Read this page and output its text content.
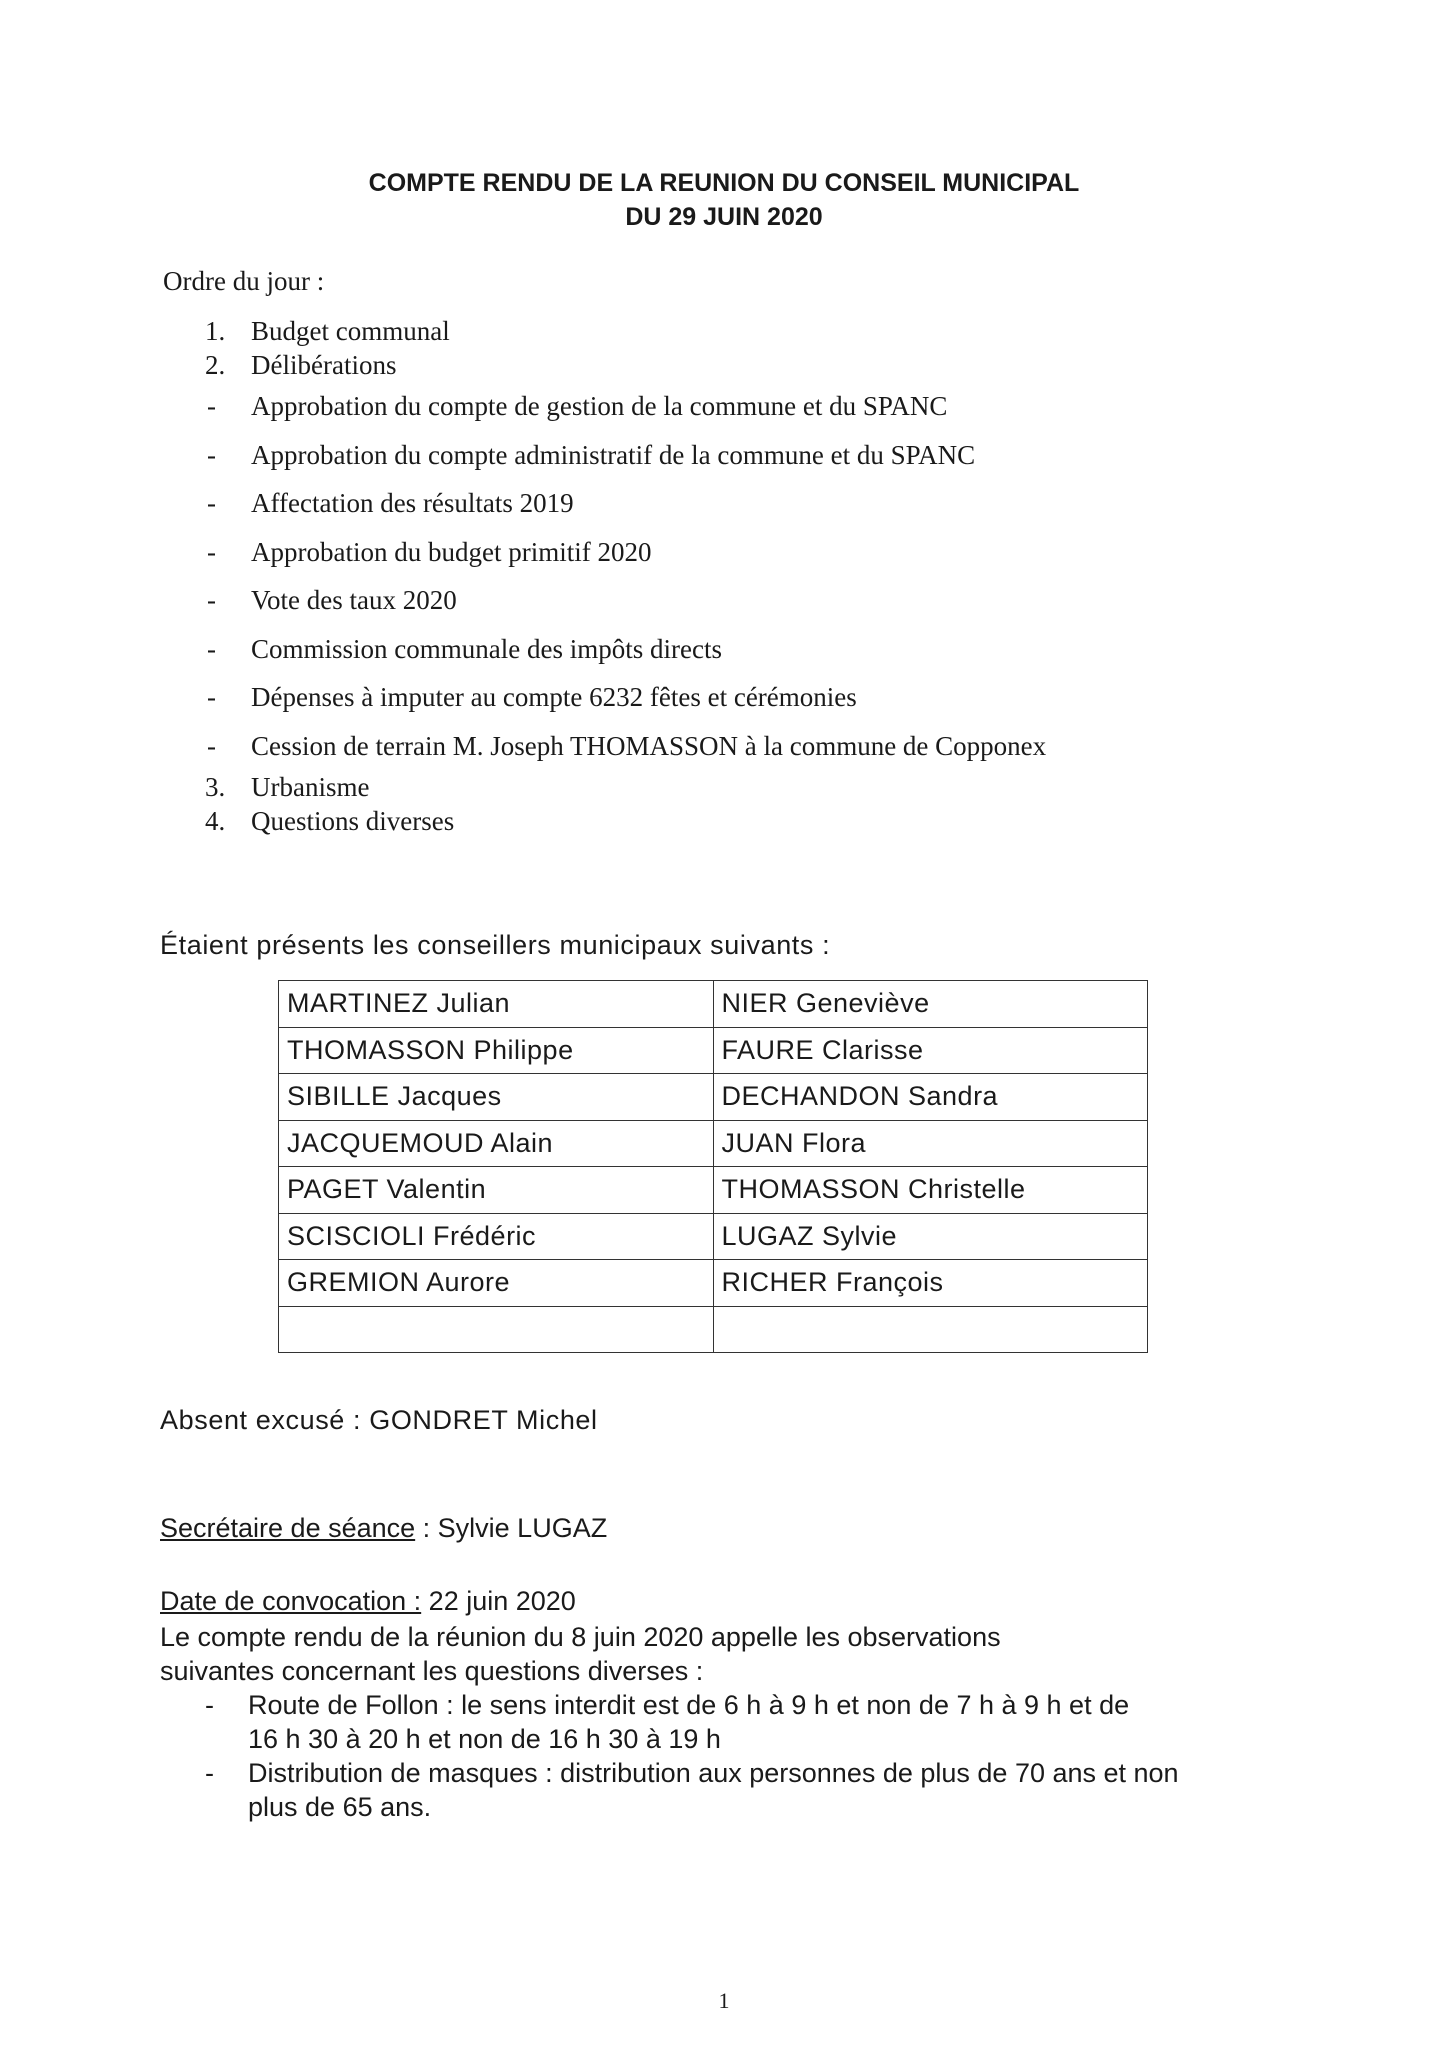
COMPTE RENDU DE LA REUNION DU CONSEIL MUNICIPAL
DU 29 JUIN 2020
Ordre du jour :
1. Budget communal
2. Délibérations
-	Approbation du compte de gestion de la commune et du SPANC
-	Approbation du compte administratif de la commune et du SPANC
-	Affectation des résultats 2019
-	Approbation du budget primitif 2020
-	Vote des taux 2020
-	Commission communale des impôts directs
-	Dépenses à imputer au compte 6232 fêtes et cérémonies
-	Cession de terrain M. Joseph THOMASSON à la commune de Copponex
3. Urbanisme
4. Questions diverses
Étaient présents les conseillers municipaux suivants :
MARTINEZ Julian	NIER Geneviève
THOMASSON Philippe	FAURE Clarisse
SIBILLE Jacques	DECHANDON Sandra
JACQUEMOUD Alain	JUAN Flora
PAGET Valentin	THOMASSON Christelle
SCISCIOLI Frédéric	LUGAZ Sylvie
GREMION Aurore	RICHER François

Absent excusé : GONDRET Michel
Secrétaire de séance : Sylvie LUGAZ
Date de convocation : 22 juin 2020
Le compte rendu de la réunion du 8 juin 2020 appelle les observations
suivantes concernant les questions diverses :
- Route de Follon : le sens interdit est de 6 h à 9 h et non de 7 h à 9 h et de
16 h 30 à 20 h et non de 16 h 30 à 19 h
- Distribution de masques : distribution aux personnes de plus de 70 ans et non
plus de 65 ans.
1
